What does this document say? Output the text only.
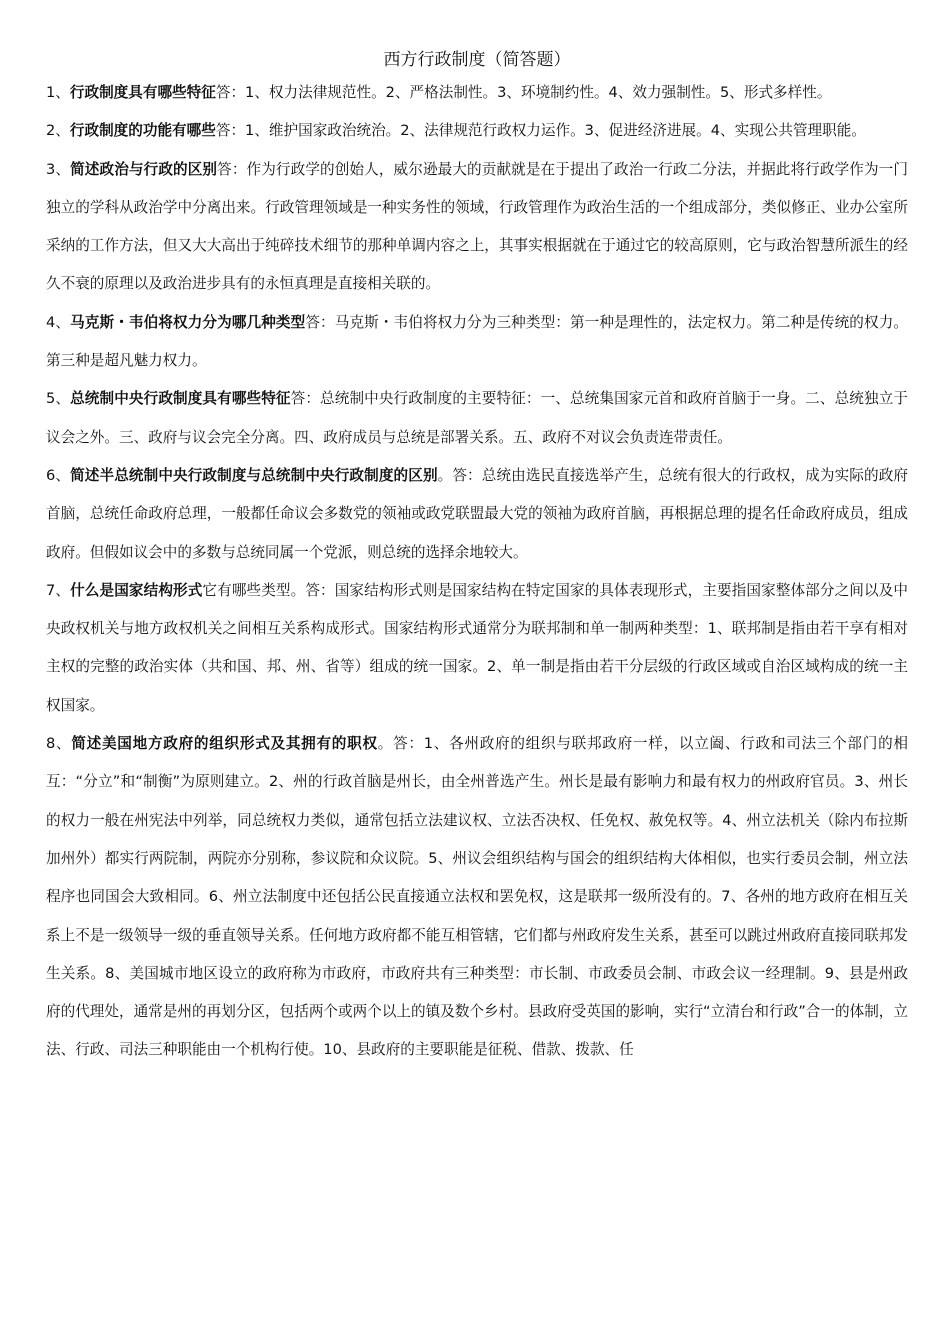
西方行政制度（简答题）

1、行政制度具有哪些特征答：1、权力法律规范性。2、严格法制性。3、环境制约性。4、效力强制性。5、形式多样性。

2、行政制度的功能有哪些答：1、维护国家政治统治。2、法律规范行政权力运作。3、促进经济进展。4、实现公共管理职能。

3、简述政治与行政的区别答：作为行政学的创始人，威尔逊最大的贡献就是在于提出了政治一行政二分法，并据此将行政学作为一门独立的学科从政治学中分离出来。行政管理领域是一种实务性的领域，行政管理作为政治生活的一个组成部分，类似修正、业办公室所采纳的工作方法，但又大大高出于纯碎技术细节的那种单调内容之上，其事实根据就在于通过它的较高原则，它与政治智慧所派生的经久不衰的原理以及政治进步具有的永恒真理是直接相关联的。

4、马克斯・韦伯将权力分为哪几种类型答：马克斯・韦伯将权力分为三种类型：第一种是理性的，法定权力。第二种是传统的权力。第三种是超凡魅力权力。

5、总统制中央行政制度具有哪些特征答：总统制中央行政制度的主要特征：一、总统集国家元首和政府首脑于一身。二、总统独立于议会之外。三、政府与议会完全分离。四、政府成员与总统是部署关系。五、政府不对议会负责连带责任。

6、简述半总统制中央行政制度与总统制中央行政制度的区别。答：总统由选民直接选举产生，总统有很大的行政权，成为实际的政府首脑，总统任命政府总理，一般都任命议会多数党的领袖或政党联盟最大党的领袖为政府首脑，再根据总理的提名任命政府成员，组成政府。但假如议会中的多数与总统同属一个党派，则总统的选择余地较大。

7、什么是国家结构形式它有哪些类型。答：国家结构形式则是国家结构在特定国家的具体表现形式，主要指国家整体部分之间以及中央政权机关与地方政权机关之间相互关系构成形式。国家结构形式通常分为联邦制和单一制两种类型：1、联邦制是指由若干享有相对主权的完整的政治实体（共和国、邦、州、省等）组成的统一国家。2、单一制是指由若干分层级的行政区域或自治区域构成的统一主权国家。

8、简述美国地方政府的组织形式及其拥有的职权。答：1、各州政府的组织与联邦政府一样，以立阖、行政和司法三个部门的相互：“分立”和“制衡”为原则建立。2、州的行政首脑是州长，由全州普选产生。州长是最有影响力和最有权力的州政府官员。3、州长的权力一般在州宪法中列举，同总统权力类似，通常包括立法建议权、立法否决权、任免权、赦免权等。4、州立法机关（除内布拉斯加州外）都实行两院制，两院亦分别称，参议院和众议院。5、州议会组织结构与国会的组织结构大体相似，也实行委员会制，州立法程序也同国会大致相同。6、州立法制度中还包括公民直接通立法权和罢免权，这是联邦一级所没有的。7、各州的地方政府在相互关系上不是一级领导一级的垂直领导关系。任何地方政府都不能互相管辖，它们都与州政府发生关系，甚至可以跳过州政府直接同联邦发生关系。8、美国城市地区设立的政府称为市政府，市政府共有三种类型：市长制、市政委员会制、市政会议一经理制。9、县是州政府的代理处，通常是州的再划分区，包括两个或两个以上的镇及数个乡村。县政府受英国的影响，实行“立清台和行政”合一的体制，立法、行政、司法三种职能由一个机构行使。10、县政府的主要职能是征税、借款、拨款、任
